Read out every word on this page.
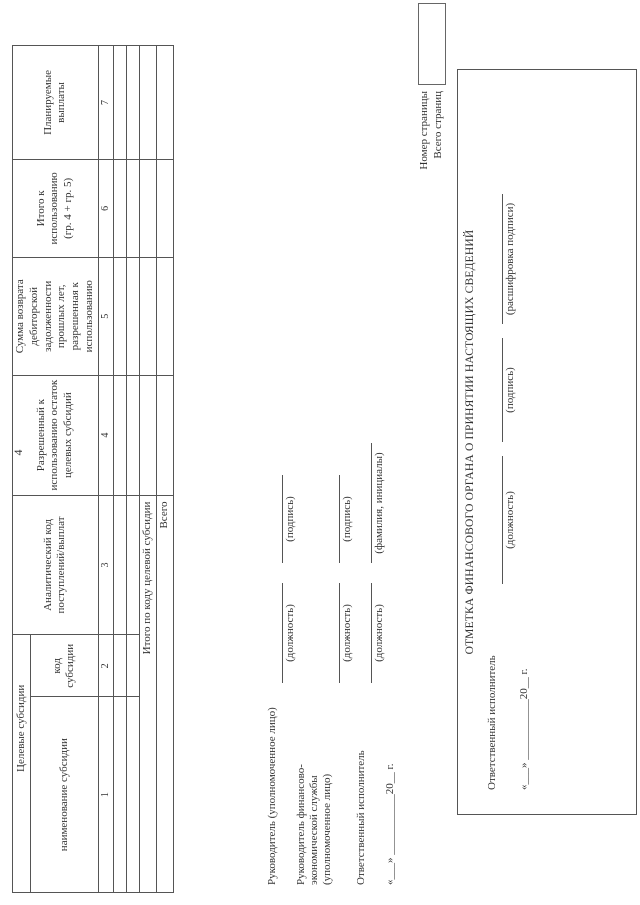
4
Целевые субсидии		Аналитический код поступлений/выплат	Разрешенный к использованию остаток целевых субсидий	Сумма возврата дебиторской задолженности прошлых лет, разрешенная к использованию	Итого к использованию (гр. 4 + гр. 5)	Планируемые выплаты
наименование субсидии	код субсидии					
1	2	3	4	5	6	7

Итого по коду целевой субсидии						
Всего						
Руководитель (уполномоченное лицо)
(должность)
(подпись)
Руководитель финансово- экономической службы (уполномоченное лицо)
(должность)
(подпись)
Ответственный исполнитель
(должность)
(фамилия, инициалы)
«___» ___________20__ г.
Номер страницы Всего страниц
ОТМЕТКА ФИНАНСОВОГО ОРГАНА О ПРИНЯТИИ НАСТОЯЩИХ СВЕДЕНИЙ
Ответственный исполнитель
(должность)
(подпись)
(расшифровка подписи)
«___» ___________20__ г.
